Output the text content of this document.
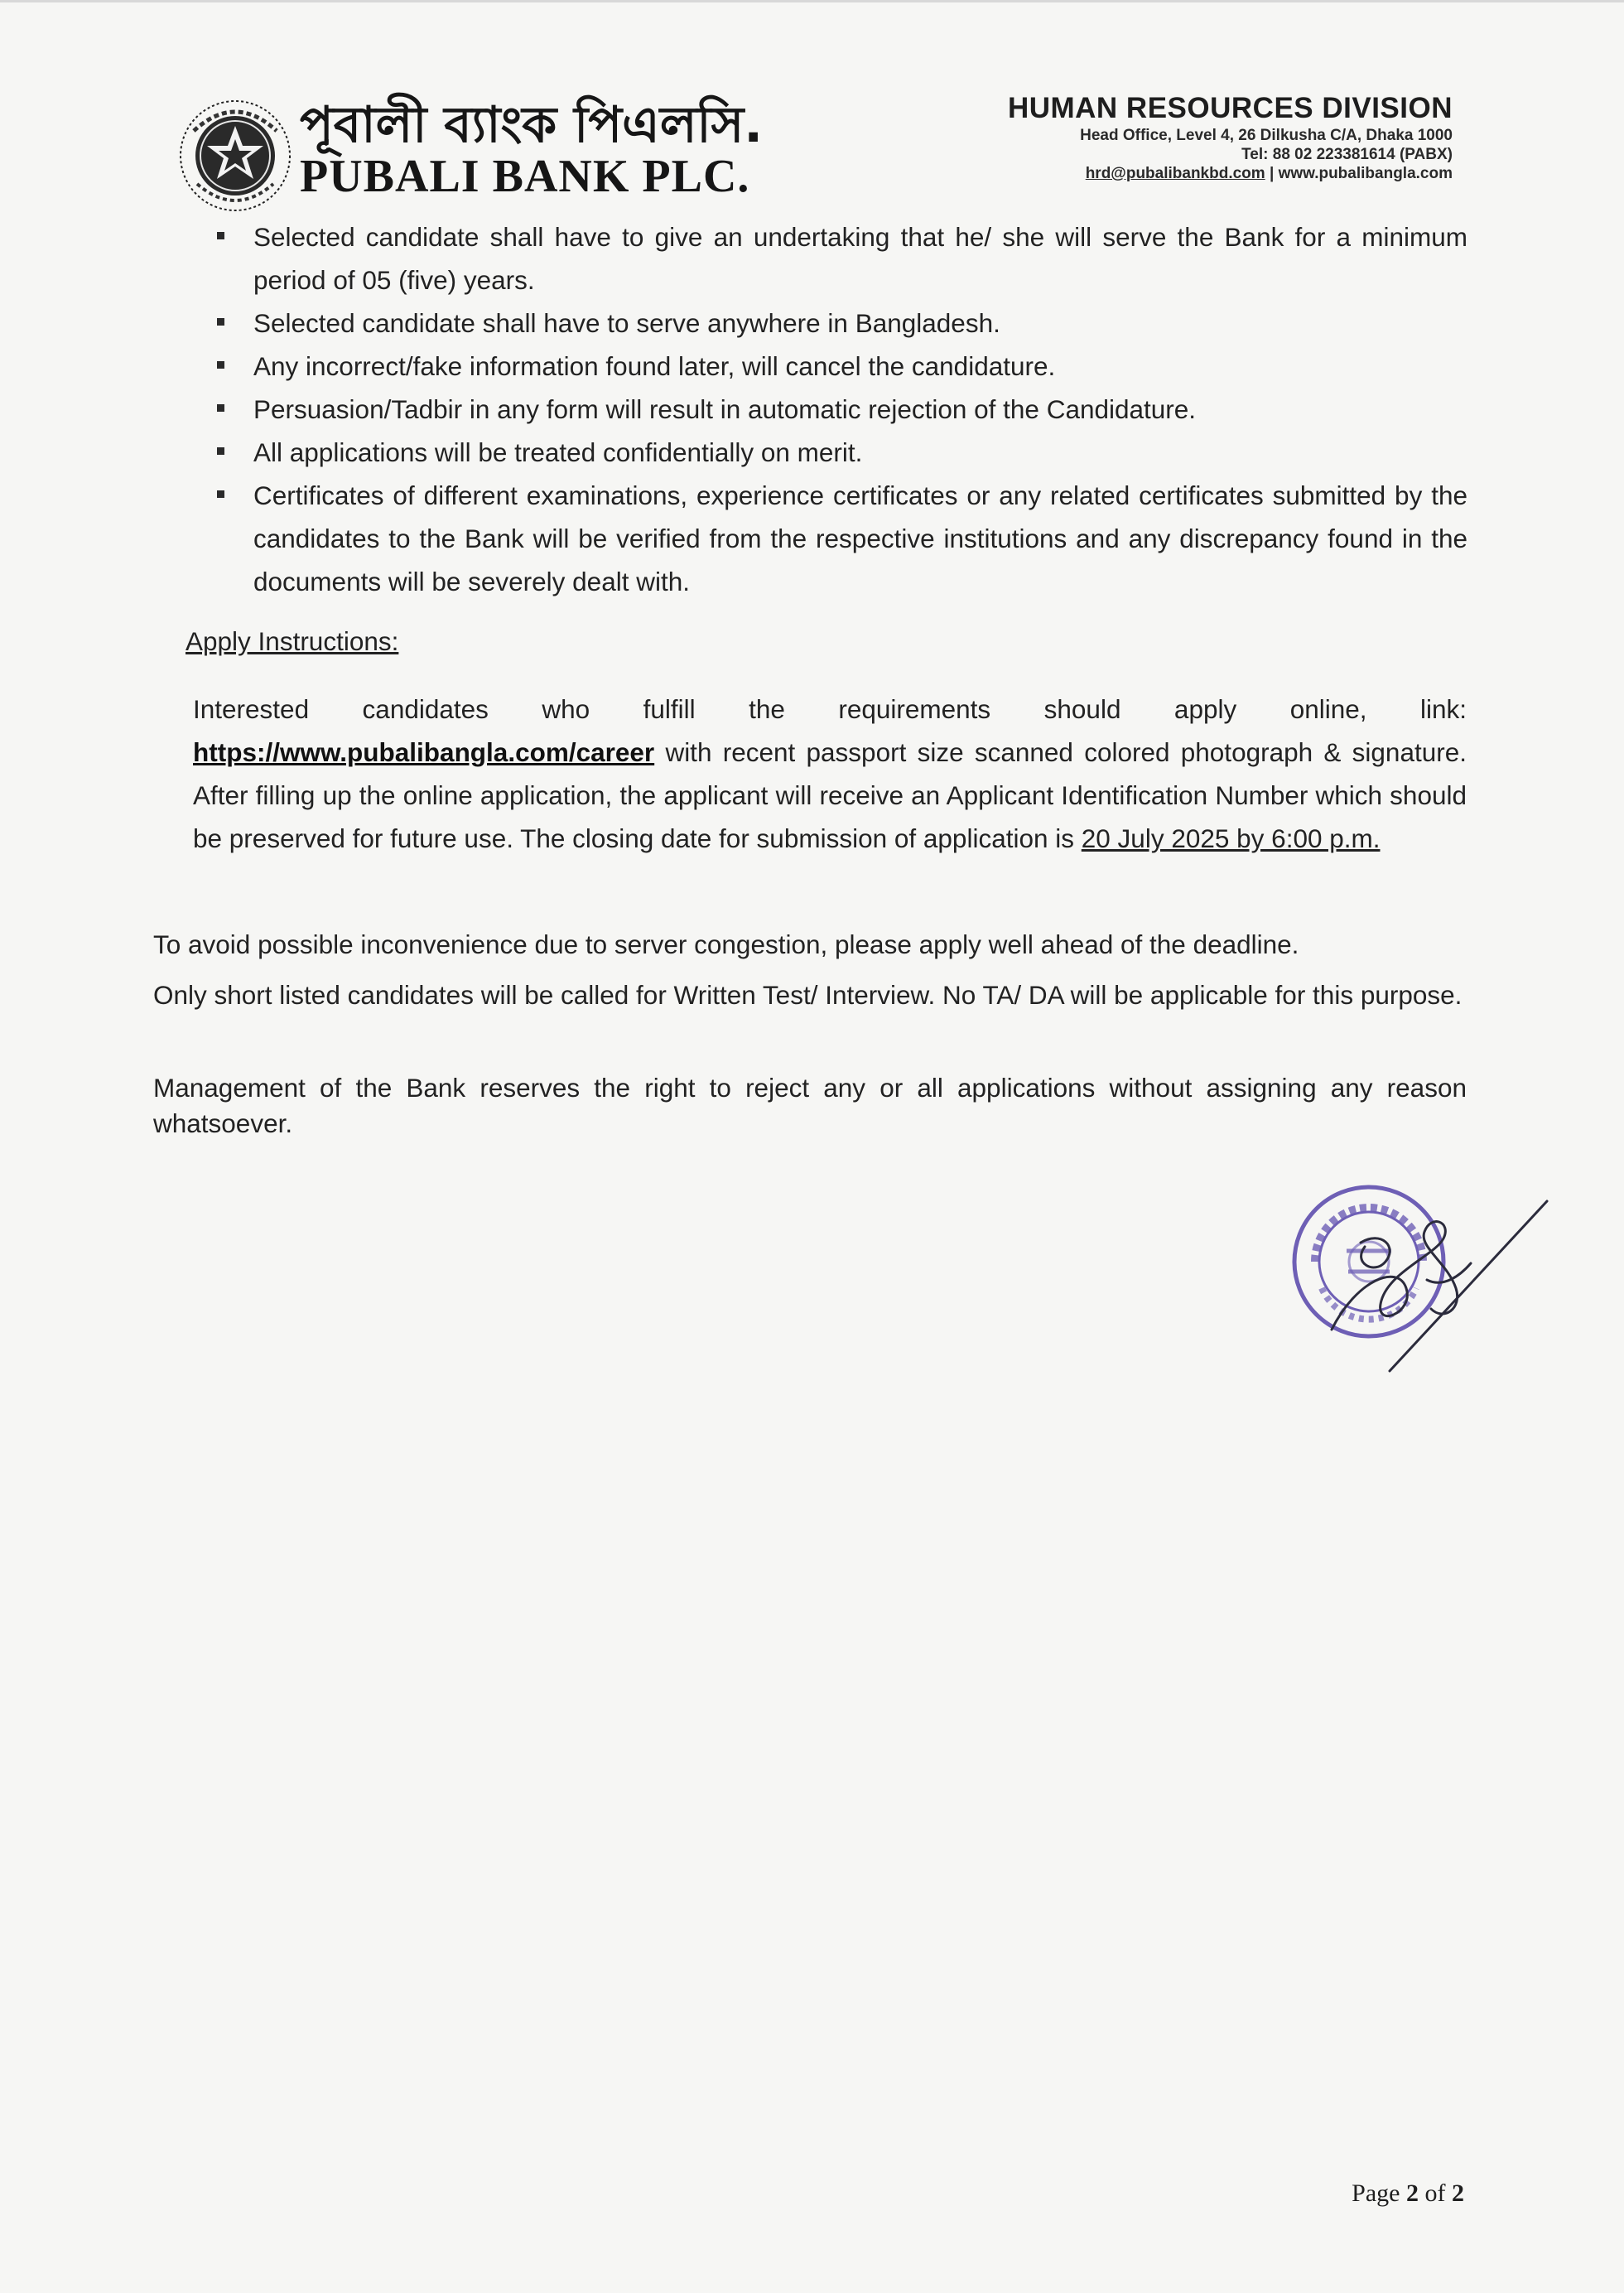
পূবালী ব্যাংক পিএলসি.
PUBALI BANK PLC.
HUMAN RESOURCES DIVISION
Head Office, Level 4, 26 Dilkusha C/A, Dhaka 1000
Tel: 88 02 223381614 (PABX)
hrd@pubalibankbd.com | www.pubalibangla.com
Selected candidate shall have to give an undertaking that he/ she will serve the Bank for a minimum period of 05 (five) years.
Selected candidate shall have to serve anywhere in Bangladesh.
Any incorrect/fake information found later, will cancel the candidature.
Persuasion/Tadbir in any form will result in automatic rejection of the Candidature.
All applications will be treated confidentially on merit.
Certificates of different examinations, experience certificates or any related certificates submitted by the candidates to the Bank will be verified from the respective institutions and any discrepancy found in the documents will be severely dealt with.
Apply Instructions:

Interested candidates who fulfill the requirements should apply online, link: https://www.pubalibangla.com/career with recent passport size scanned colored photograph & signature. After filling up the online application, the applicant will receive an Applicant Identification Number which should be preserved for future use. The closing date for submission of application is 20 July 2025 by 6:00 p.m.

To avoid possible inconvenience due to server congestion, please apply well ahead of the deadline.

Only short listed candidates will be called for Written Test/ Interview. No TA/ DA will be applicable for this purpose.

Management of the Bank reserves the right to reject any or all applications without assigning any reason whatsoever.

Page 2 of 2
